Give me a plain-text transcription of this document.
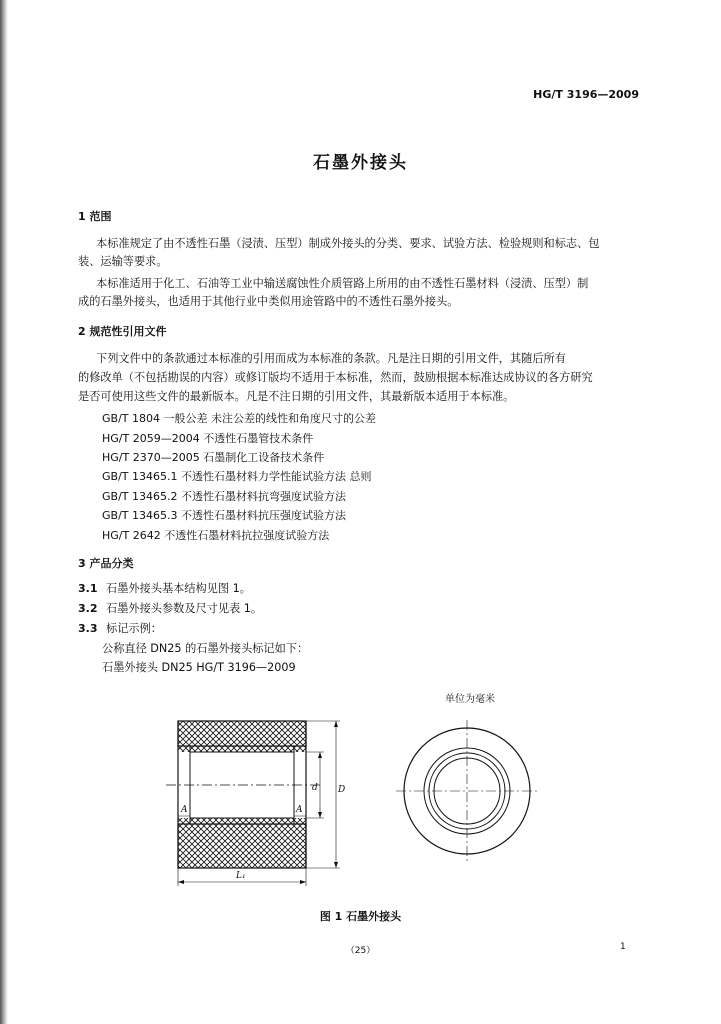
HG/T 3196—2009
石墨外接头
1 范围
本标准规定了由不透性石墨（浸渍、压型）制成外接头的分类、要求、试验方法、检验规则和标志、包
装、运输等要求。
本标准适用于化工、石油等工业中输送腐蚀性介质管路上所用的由不透性石墨材料（浸渍、压型）制
成的石墨外接头，也适用于其他行业中类似用途管路中的不透性石墨外接头。
2 规范性引用文件
下列文件中的条款通过本标准的引用而成为本标准的条款。凡是注日期的引用文件，其随后所有
的修改单（不包括勘误的内容）或修订版均不适用于本标准，然而，鼓励根据本标准达成协议的各方研究
是否可使用这些文件的最新版本。凡是不注日期的引用文件，其最新版本适用于本标准。
GB/T 1804 一般公差 未注公差的线性和角度尺寸的公差
HG/T 2059—2004 不透性石墨管技术条件
HG/T 2370—2005 石墨制化工设备技术条件
GB/T 13465.1 不透性石墨材料力学性能试验方法 总则
GB/T 13465.2 不透性石墨材料抗弯强度试验方法
GB/T 13465.3 不透性石墨材料抗压强度试验方法
HG/T 2642 不透性石墨材料抗拉强度试验方法
3 产品分类
3.1 石墨外接头基本结构见图 1。
3.2 石墨外接头参数及尺寸见表 1。
3.3 标记示例：
公称直径 DN25 的石墨外接头标记如下：
石墨外接头 DN25 HG/T 3196—2009
单位为毫米
d D
L₁
A	A
图 1 石墨外接头
（25）	1
